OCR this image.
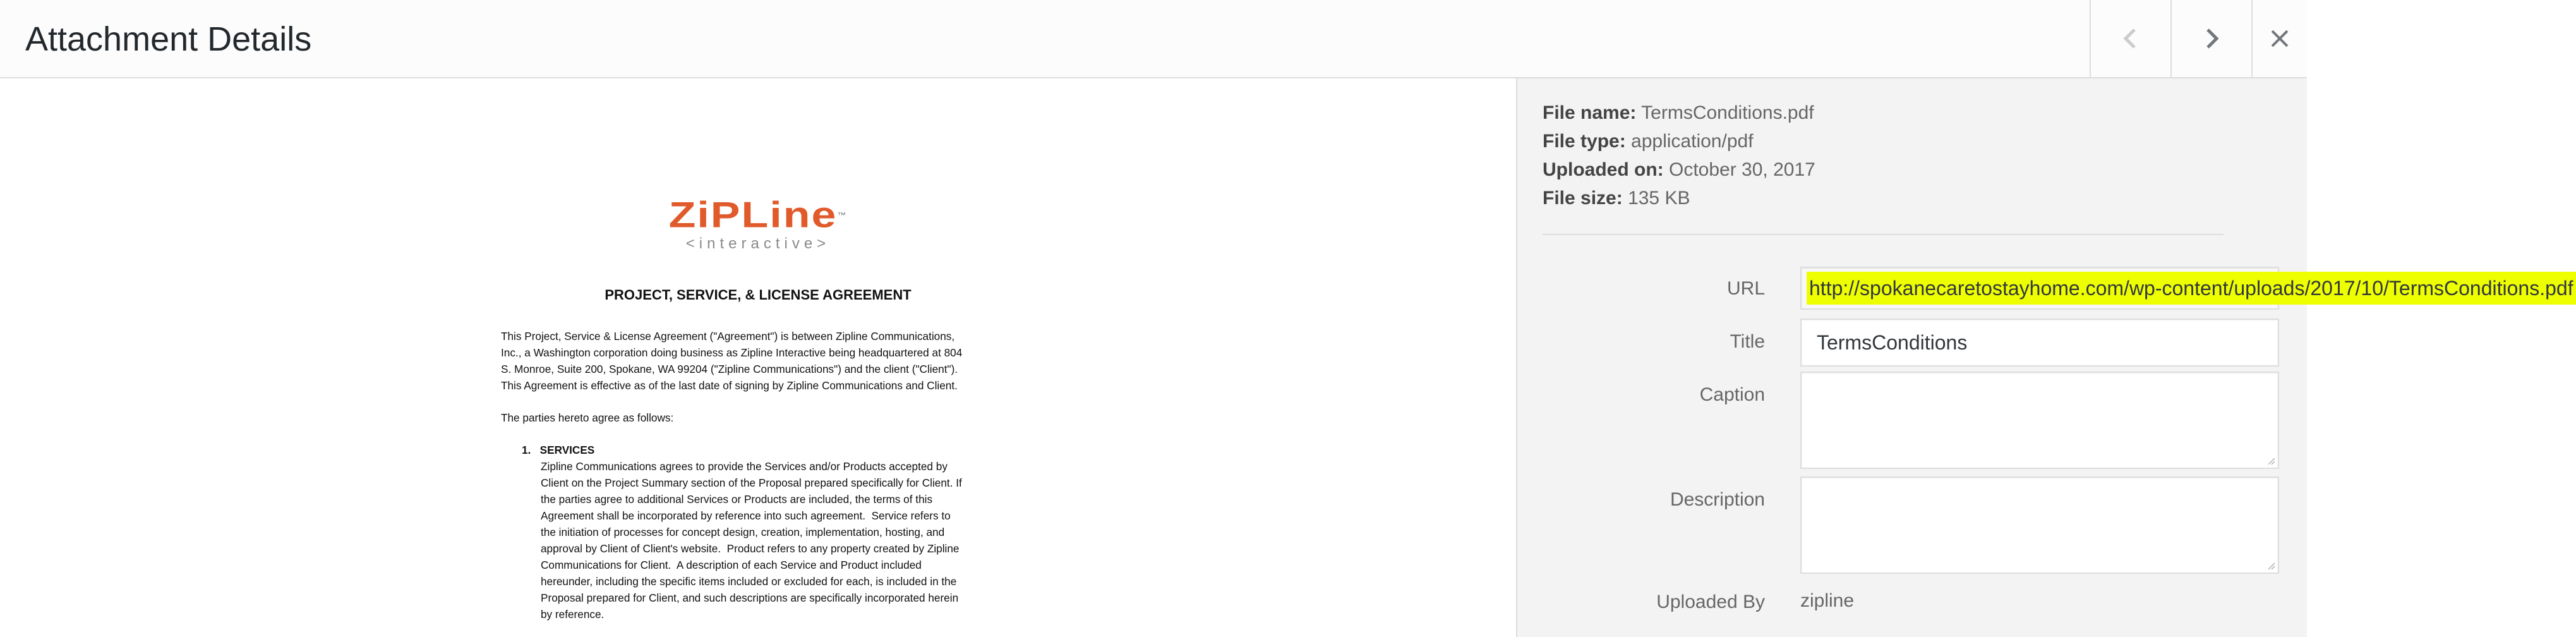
Attachment Details
ZiPLine™
<interactive>
PROJECT, SERVICE, & LICENSE AGREEMENT

This Project, Service & License Agreement ("Agreement") is between Zipline Communications,
Inc., a Washington corporation doing business as Zipline Interactive being headquartered at 804
S. Monroe, Suite 200, Spokane, WA 99204 ("Zipline Communications") and the client ("Client").
This Agreement is effective as of the last date of signing by Zipline Communications and Client.

The parties hereto agree as follows:

1.   SERVICES

Zipline Communications agrees to provide the Services and/or Products accepted by
Client on the Project Summary section of the Proposal prepared specifically for Client. If
the parties agree to additional Services or Products are included, the terms of this
Agreement shall be incorporated by reference into such agreement.  Service refers to
the initiation of processes for concept design, creation, implementation, hosting, and
approval by Client of Client's website.  Product refers to any property created by Zipline
Communications for Client.  A description of each Service and Product included
hereunder, including the specific items included or excluded for each, is included in the
Proposal prepared for Client, and such descriptions are specifically incorporated herein
by reference.

File name: TermsConditions.pdf
File type: application/pdf
Uploaded on: October 30, 2017
File size: 135 KB
URL	http://spokanecaretostayhome.com/wp-content/uploads/2017/10/TermsConditions.pdf
Title	TermsConditions
Caption
Description
Uploaded By zipline
